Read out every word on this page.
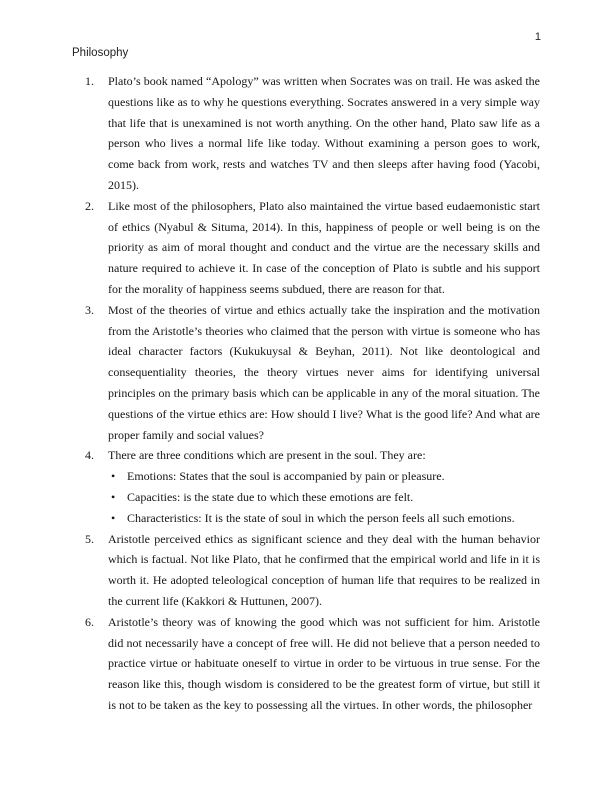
1
Philosophy
1.	Plato’s book named “Apology” was written when Socrates was on trail. He was asked the questions like as to why he questions everything. Socrates answered in a very simple way that life that is unexamined is not worth anything. On the other hand, Plato saw life as a person who lives a normal life like today. Without examining a person goes to work, come back from work, rests and watches TV and then sleeps after having food (Yacobi, 2015).
2.	Like most of the philosophers, Plato also maintained the virtue based eudaemonistic start of ethics (Nyabul & Situma, 2014). In this, happiness of people or well being is on the priority as aim of moral thought and conduct and the virtue are the necessary skills and nature required to achieve it. In case of the conception of Plato is subtle and his support for the morality of happiness seems subdued, there are reason for that.
3.	Most of the theories of virtue and ethics actually take the inspiration and the motivation from the Aristotle’s theories who claimed that the person with virtue is someone who has ideal character factors (Kukukuysal & Beyhan, 2011). Not like deontological and consequentiality theories, the theory virtues never aims for identifying universal principles on the primary basis which can be applicable in any of the moral situation. The questions of the virtue ethics are: How should I live? What is the good life? And what are proper family and social values?
4.	There are three conditions which are present in the soul. They are:
• Emotions: States that the soul is accompanied by pain or pleasure.
• Capacities: is the state due to which these emotions are felt.
• Characteristics: It is the state of soul in which the person feels all such emotions.
5.	Aristotle perceived ethics as significant science and they deal with the human behavior which is factual. Not like Plato, that he confirmed that the empirical world and life in it is worth it. He adopted teleological conception of human life that requires to be realized in the current life (Kakkori & Huttunen, 2007).
6.	Aristotle’s theory was of knowing the good which was not sufficient for him. Aristotle did not necessarily have a concept of free will. He did not believe that a person needed to practice virtue or habituate oneself to virtue in order to be virtuous in true sense. For the reason like this, though wisdom is considered to be the greatest form of virtue, but still it is not to be taken as the key to possessing all the virtues. In other words, the philosopher
